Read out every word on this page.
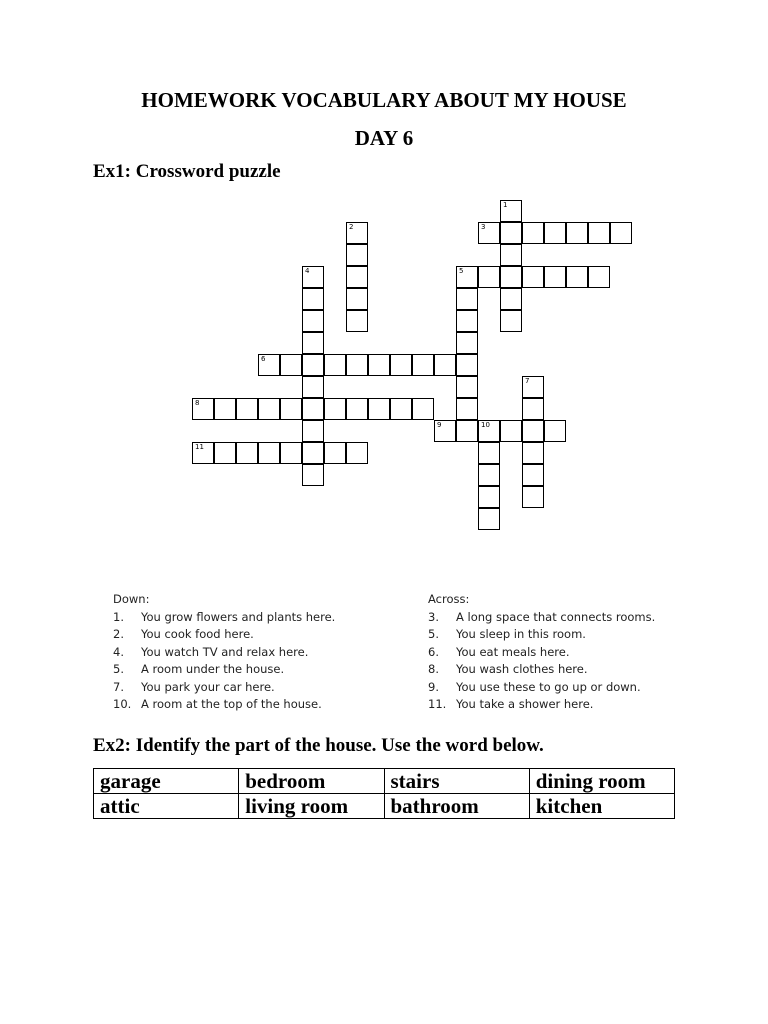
HOMEWORK VOCABULARY ABOUT MY HOUSE
DAY 6
Ex1: Crossword puzzle
1
2	3
4	5
6
7
8
9	10
11
Down:
1. You grow flowers and plants here.
2. You cook food here.
4. You watch TV and relax here.
5. A room under the house.
7. You park your car here.
10. A room at the top of the house.
Across:
3. A long space that connects rooms.
5. You sleep in this room.
6. You eat meals here.
8. You wash clothes here.
9. You use these to go up or down.
11. You take a shower here.
Ex2: Identify the part of the house. Use the word below.
garage	bedroom	stairs	dining room
attic	living room	bathroom	kitchen
